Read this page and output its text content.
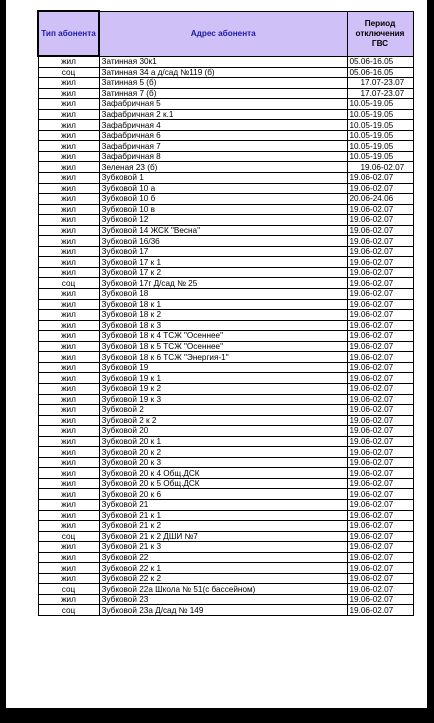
Тип абонента	Адрес абонента	Период отключения ГВС
жил	Затинная 30к1	05.06-16.05
соц	Затинная 34 а д/сад №119 (б)	05.06-16.05
жил	Затинная 5 (б)	17.07-23.07
жил	Затинная 7 (б)	17.07-23.07
жил	Зафабричная 5	10.05-19.05
жил	Зафабричная 2 к.1	10.05-19.05
жил	Зафабричная 4	10.05-19.05
жил	Зафабричная 6	10.05-19.05
жил	Зафабричная 7	10.05-19.05
жил	Зафабричная 8	10.05-19.05
жил	Зеленая 23 (б)	19.06-02.07
жил	Зубковой 1	19.06-02.07
жил	Зубковой 10 а	19.06-02.07
жил	Зубковой 10 б	20.06-24.06
жил	Зубковой 10 в	19.06-02.07
жил	Зубковой 12	19.06-02.07
жил	Зубковой 14 ЖСК "Весна"	19.06-02.07
жил	Зубковой 16/36	19.06-02.07
жил	Зубковой 17	19.06-02.07
жил	Зубковой 17 к 1	19.06-02.07
жил	Зубковой 17 к 2	19.06-02.07
соц	Зубковой 17г Д/сад № 25	19.06-02.07
жил	Зубковой 18	19.06-02.07
жил	Зубковой 18 к 1	19.06-02.07
жил	Зубковой 18 к 2	19.06-02.07
жил	Зубковой 18 к 3	19.06-02.07
жил	Зубковой 18 к 4 ТСЖ "Осеннее"	19.06-02.07
жил	Зубковой 18 к 5 ТСЖ "Осеннее"	19.06-02.07
жил	Зубковой 18 к 6 ТСЖ "Энергия-1"	19.06-02.07
жил	Зубковой 19	19.06-02.07
жил	Зубковой 19 к 1	19.06-02.07
жил	Зубковой 19 к 2	19.06-02.07
жил	Зубковой 19 к 3	19.06-02.07
жил	Зубковой 2	19.06-02.07
жил	Зубковой 2 к 2	19.06-02.07
жил	Зубковой 20	19.06-02.07
жил	Зубковой 20 к 1	19.06-02.07
жил	Зубковой 20 к 2	19.06-02.07
жил	Зубковой 20 к 3	19.06-02.07
жил	Зубковой 20 к 4 Общ.ДСК	19.06-02.07
жил	Зубковой 20 к 5 Общ.ДСК	19.06-02.07
жил	Зубковой 20 к 6	19.06-02.07
жил	Зубковой 21	19.06-02.07
жил	Зубковой 21 к 1	19.06-02.07
жил	Зубковой 21 к 2	19.06-02.07
соц	Зубковой 21 к 2 ДШИ №7	19.06-02.07
жил	Зубковой 21 к 3	19.06-02.07
жил	Зубковой 22	19.06-02.07
жил	Зубковой 22 к 1	19.06-02.07
жил	Зубковой 22 к 2	19.06-02.07
соц	Зубковой 22а Школа № 51(с бассейном)	19.06-02.07
жил	Зубковой 23	19.06-02.07
соц	Зубковой 23а Д/сад № 149	19.06-02.07
